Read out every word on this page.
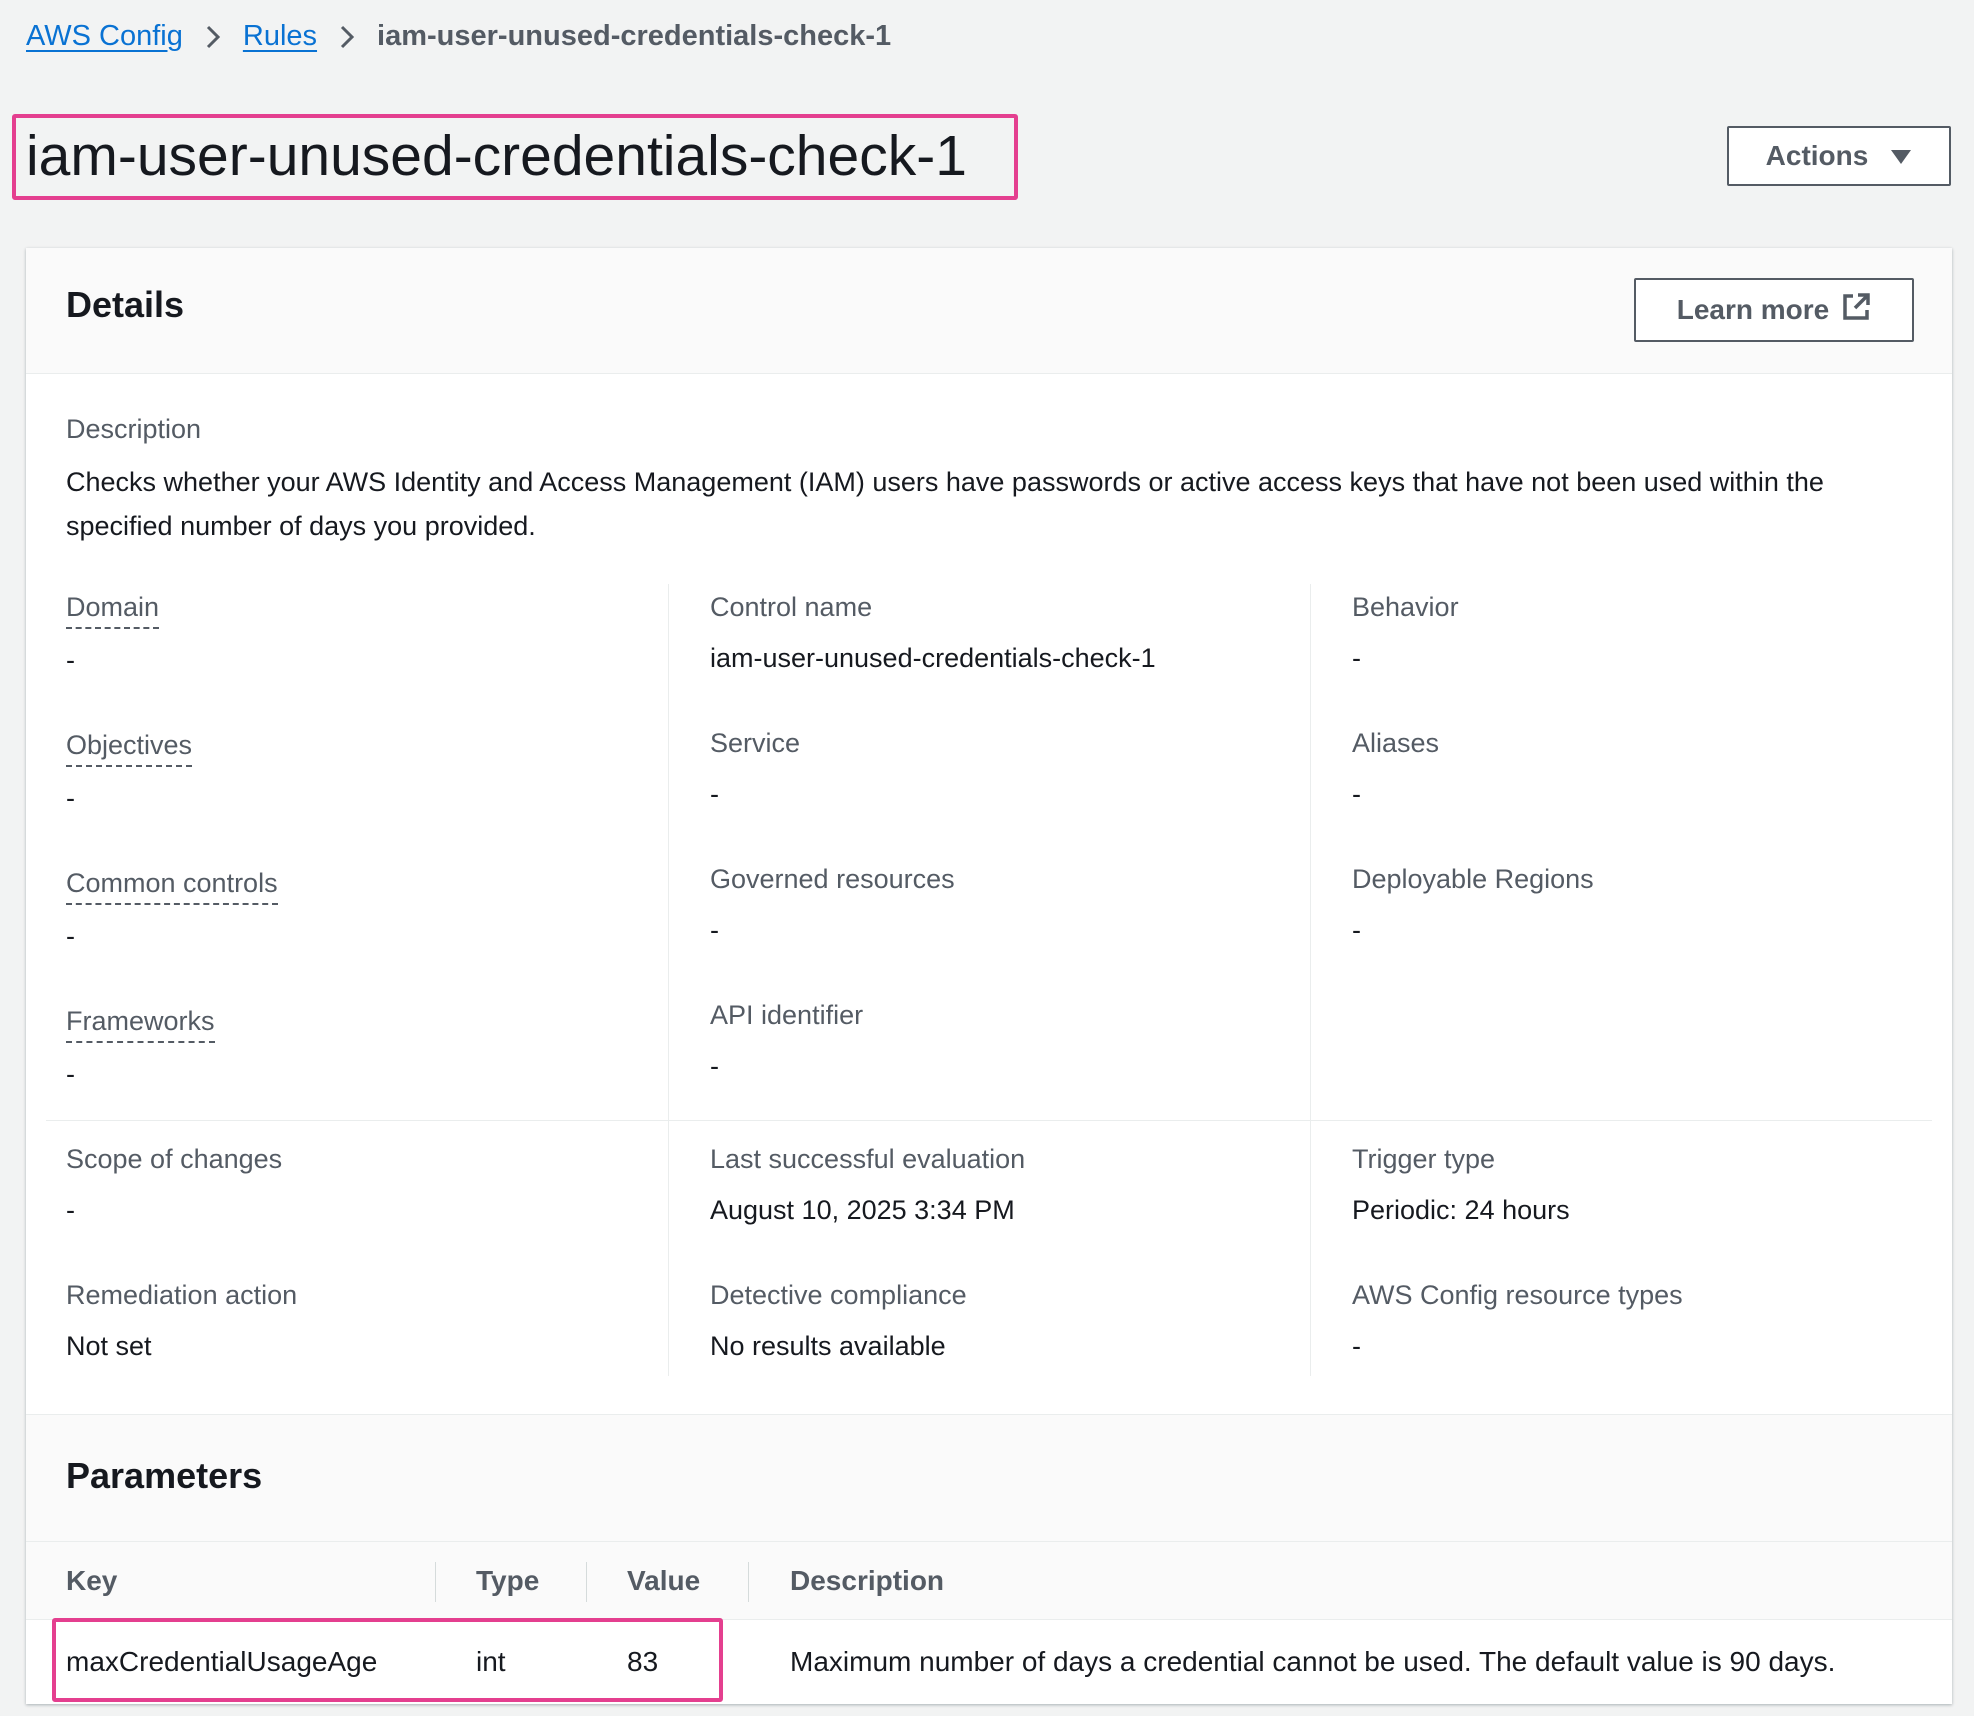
AWS Config Rules iam-user-unused-credentials-check-1
iam-user-unused-credentials-check-1	Actions
Details	Learn more
Description
Checks whether your AWS Identity and Access Management (IAM) users have passwords or active access keys that have not been used within the specified number of days you provided.
Domain
-
Objectives
-
Common controls
-
Frameworks
-
Control name
iam-user-unused-credentials-check-1
Service
-
Governed resources
-
API identifier
-
Behavior
-
Aliases
-
Deployable Regions
-
Scope of changes
-
Last successful evaluation
August 10, 2025 3:34 PM
Trigger type
Periodic: 24 hours
Remediation action
Not set
Detective compliance
No results available
AWS Config resource types
-
Parameters
Key	Type	Value	Description
maxCredentialUsageAge	int	83	Maximum number of days a credential cannot be used. The default value is 90 days.
